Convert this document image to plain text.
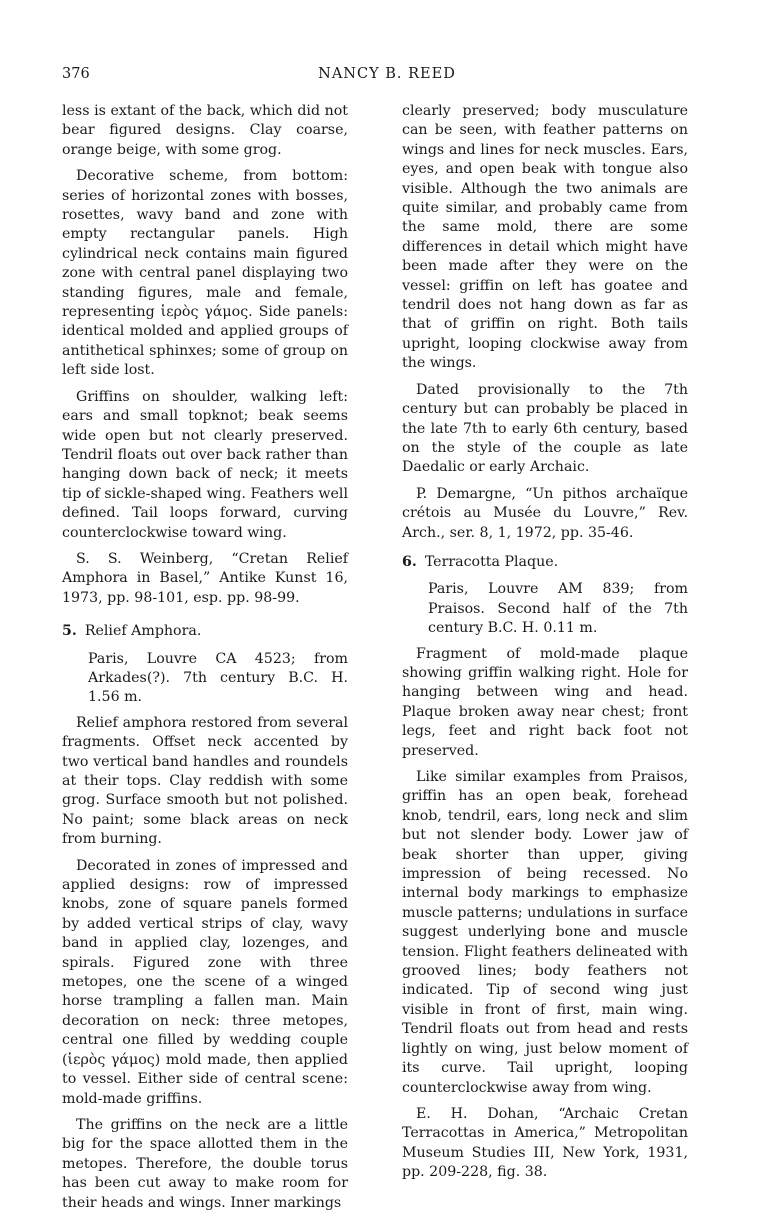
376	NANCY B. REED

less is extant of the back, which did not bear figured designs. Clay coarse, orange beige, with some grog.

Decorative scheme, from bottom: series of horizontal zones with bosses, rosettes, wavy band and zone with empty rectangular panels. High cylindrical neck contains main figured zone with central panel displaying two standing figures, male and female, representing ἱερὸς γάμος. Side panels: identical molded and applied groups of antithetical sphinxes; some of group on left side lost.

Griffins on shoulder, walking left: ears and small topknot; beak seems wide open but not clearly preserved. Tendril floats out over back rather than hanging down back of neck; it meets tip of sickle-shaped wing. Feathers well defined. Tail loops forward, curving counterclockwise toward wing.

S. S. Weinberg, “Cretan Relief Amphora in Basel,” Antike Kunst 16, 1973, pp. 98-101, esp. pp. 98-99.

5. Relief Amphora.

Paris, Louvre CA 4523; from Arkades(?). 7th century B.C. H. 1.56 m.

Relief amphora restored from several fragments. Offset neck accented by two vertical band handles and roundels at their tops. Clay reddish with some grog. Surface smooth but not polished. No paint; some black areas on neck from burning.

Decorated in zones of impressed and applied designs: row of impressed knobs, zone of square panels formed by added vertical strips of clay, wavy band in applied clay, lozenges, and spirals. Figured zone with three metopes, one the scene of a winged horse trampling a fallen man. Main decoration on neck: three metopes, central one filled by wedding couple (ἱερὸς γάμος) mold made, then applied to vessel. Either side of central scene: mold-made griffins.

The griffins on the neck are a little big for the space allotted them in the metopes. Therefore, the double torus has been cut away to make room for their heads and wings. Inner markings

clearly preserved; body musculature can be seen, with feather patterns on wings and lines for neck muscles. Ears, eyes, and open beak with tongue also visible. Although the two animals are quite similar, and probably came from the same mold, there are some differences in detail which might have been made after they were on the vessel: griffin on left has goatee and tendril does not hang down as far as that of griffin on right. Both tails upright, looping clockwise away from the wings.

Dated provisionally to the 7th century but can probably be placed in the late 7th to early 6th century, based on the style of the couple as late Daedalic or early Archaic.

P. Demargne, “Un pithos archaïque crétois au Musée du Louvre,” Rev. Arch., ser. 8, 1, 1972, pp. 35-46.

6. Terracotta Plaque.

Paris, Louvre AM 839; from Praisos. Second half of the 7th century B.C. H. 0.11 m.

Fragment of mold-made plaque showing griffin walking right. Hole for hanging between wing and head. Plaque broken away near chest; front legs, feet and right back foot not preserved.

Like similar examples from Praisos, griffin has an open beak, forehead knob, tendril, ears, long neck and slim but not slender body. Lower jaw of beak shorter than upper, giving impression of being recessed. No internal body markings to emphasize muscle patterns; undulations in surface suggest underlying bone and muscle tension. Flight feathers delineated with grooved lines; body feathers not indicated. Tip of second wing just visible in front of first, main wing. Tendril floats out from head and rests lightly on wing, just below moment of its curve. Tail upright, looping counterclockwise away from wing.

E. H. Dohan, “Archaic Cretan Terracottas in America,” Metropolitan Museum Studies III, New York, 1931, pp. 209-228, fig. 38.
